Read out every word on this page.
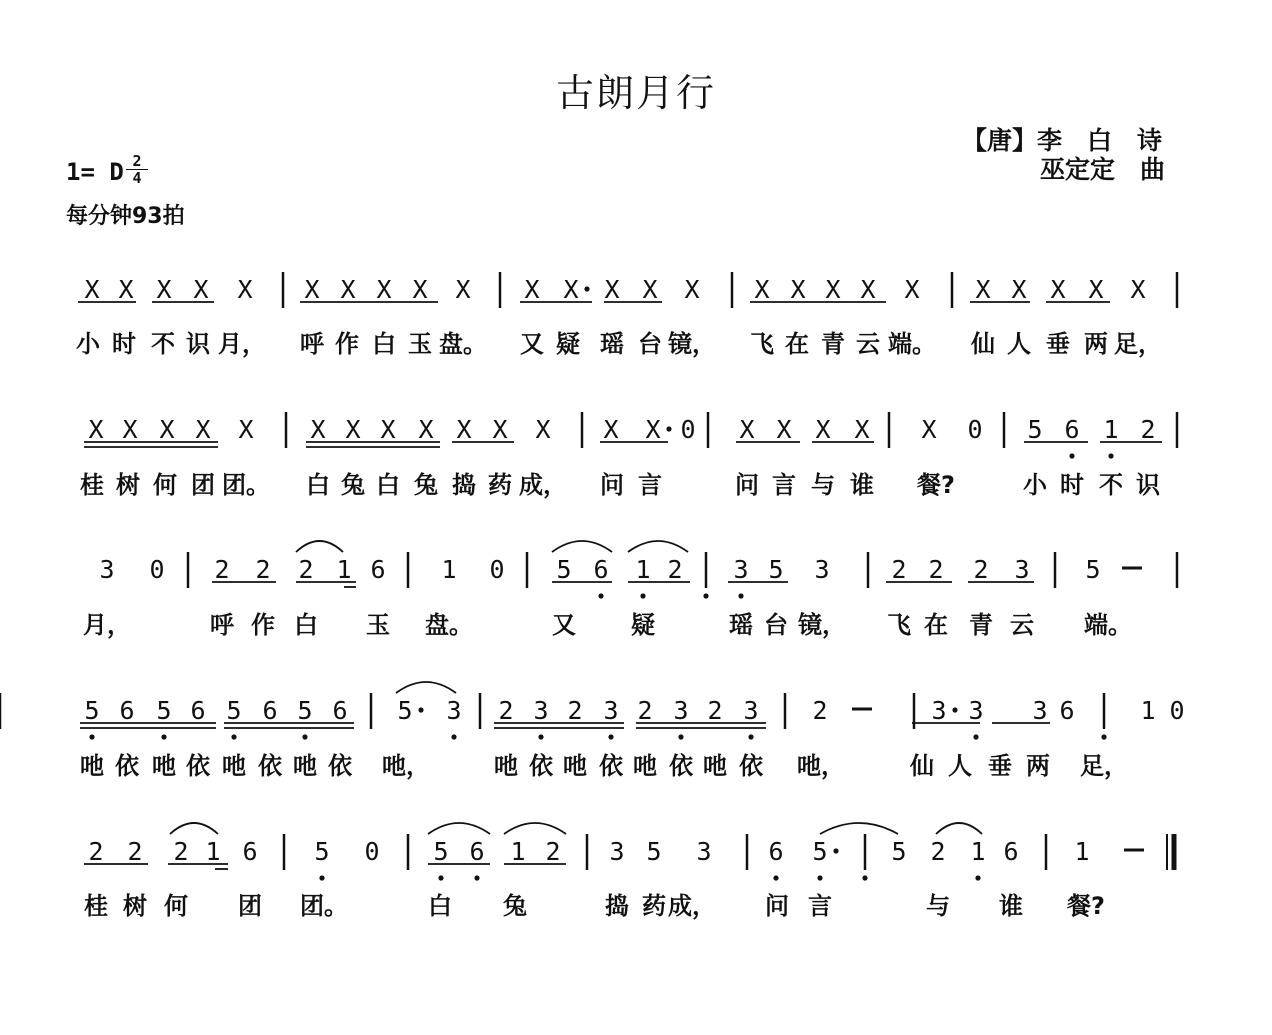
古朗月行
【唐】李　白　诗
巫定定　曲
1= D 2
4
每分钟93拍
X X X X X X X X X X X X X X X X X X X X X X X X X
小 时 不 识 月， 呼 作 白 玉 盘。 又 疑 瑶 台 镜， 飞 在 青 云 端。 仙 人 垂 两 足，
X X X X X X X X X X X X X X 0 X X X X X 0 5 6 1 2
桂 树 何 团 团。 白 兔 白 兔 捣 药 成， 问 言	问 言 与 谁 餐?	小 时 不 识
3 0 2 2 2 1 6 1 0 5 6 1 2 3 5 3 2 2 2 3 5
月，	呼 作 白 玉 盘。	又 疑	瑶 台 镜， 飞 在 青 云 端。
5 6 5 6 5 6 5 6 5 3 2 3 2 3 2 3 2 3 2	3 3 3 6	1 0
吔 依 吔 依 吔 依 吔 依 吔，	吔 依 吔 依 吔 依 吔 依 吔，	仙 人 垂 两 足，
2 2 2 1 6 5 0 5 6 1 2 3 5 3 6 5	5 2 1 6 1
桂 树 何 团 团。	白 兔	捣 药 成， 问 言	与 谁 餐?
